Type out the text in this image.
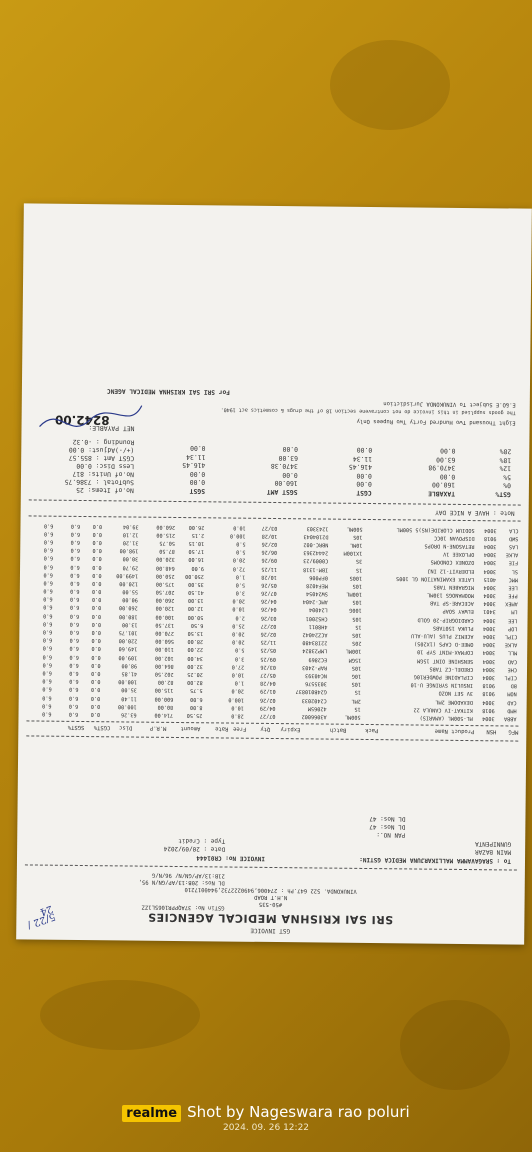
GST INVOICE
SRI SAI KRISHNA MEDICAL AGENCIES
#50-535
N.H.T ROAD
VINUKONDA. 522 647.Ph : 274006,9490222732,9440017210
GSTin No: 37AQPPR1065L1ZZ
DL Nos: 20B:13/AP/GN/N 95,
21B:13/AP/GN/N/ 96/N/G
To : SRAGAVAMMA MALLIKARJUNA MEDICA GSTIN:
MAIN BAZAR
GUNNIPENTA
PAN NO.:
DL Nos: 47
DL Nos: 47
INVOICE No: CR01444
Date : 20/09/2024
Type : Credit
MFG
HSN
Product Name
Pack
Batch
Expiry
Qty
Free
Rate
Amount
M.R.P
Disc
CGST%
SGST%
ABBA	3004	ML-500ML (AMARIS)	500ML	A3066002	07/27	28.0		25.50	714.00	63.26	0.0	6.0	6.0
HMD	9018	KITKAT-IV CANULA 22	1S	42065M	04/29	10.0		8.00	80.00	100.00	0.0	6.0	6.0
CAD	3004	DEXADOME 2ML	2ML	C2402033	02/26	100.0		6.00	600.00	11.40	0.0	6.0	6.0
NOM	9018	3V SET NOZO	1S	G24B010837	01/29	20.0		5.75	115.00	35.00	0.0	6.0	6.0
BD	9018	INSULIN SYRINGE U-10	10S	3035576	04/28	1.0		82.00	82.00	100.00	0.0	6.0	6.0
CIPL	3004	CIPLADINE POWDER10G	10G	NC40393	05/27	10.0		20.25	202.50	41.85	0.0	6.0	6.0
CHE	3004	CREDEL-CZ TABS	10S	RAP-2403	03/26	27.0		32.00	864.00	98.00	0.0	6.0	6.0
CAD	3004	SENSHINE OINT 15GM	15GM	EC2869	09/25	3.0		34.00	102.00	109.00	0.0	6.0	6.0
MLL	3004	COFMAX-MINT SYP 10	100ML	LMP23824	05/25	5.0		22.00	110.00	149.60	0.0	6.0	6.0
ALKE	3004	OMEE-D CAPS (1X20S)	20S	22I83480	11/25	20.0		28.00	560.00	220.00	0.0	6.0	6.0
CIPL	3004	ACEMIZ PLUS (ALU-ALU	10S	ACZ24042	02/26	20.0		13.50	270.00	101.75	0.0	6.0	6.0
LOP	3004	PLUKA 150TABS	1S	4H8011	02/27	25.0		6.50	137.50	13.00	0.0	6.0	6.0
LEE	3004	CARDIOGRIP-20 GOLD	10S	CHS2001	03/26	2.0		50.00	100.00	180.00	0.0	6.0	6.0
LM	3401	ELWAY SOAP	100G	L24004	04/26	10.0		12.00	120.00	260.00	0.0	6.0	6.0
AMEX	3004	ACECARE-SP TAB	10S	AMC-2404	04/26	20.0		13.00	260.00	90.00	0.0	6.0	6.0
PFE	3004	MOOMANOGS 130ML	100ML	SW24054	07/26	3.0		41.50	207.50	55.00	0.0	6.0	6.0
LEE	3004	MIGRABEN TABS	10S	MEF4028	05/26	5.0		35.00	175.00	120.00	0.0	6.0	6.0
MMC	4015	LATEX EXAMINATION GL 100S	100S	0FP006	10/28	1.0		250.00	250.00	1499.00	0.0	6.0	6.0
SL	3004	ELDERVIT-12 INJ	1S	IBM-1318	11/25	72.0		9.00	648.00	29.70	0.0	6.0	6.0
FIE	3004	OZONEX CONDOMS	3S	C0009/23	09/26	20.0		16.00	320.00	30.00	0.0	6.0	6.0
ALKE	3004	OFLOXEE 1V	1X100M	24442363	06/26	5.0		17.50	87.50	198.00	0.0	6.0	6.0
LAS	3004	RETASONE-N DROPS	10ML	NBRC-002	02/26	5.0		10.15	50.75	31.20	0.0	6.0	6.0
SWD	9018	DISPOVAN 10CC	10S	D2104043	10/28	100.0		2.15	215.00	12.10	0.0	6.0	6.0
CLA	3004	SODIUM CLORIDE(NS)5 500ML	500ML	1243303	03/27	10.0		26.00	260.00	39.04	0.0	6.0	6.0
Note : HAVE A NICE DAY
GST%	TAXABLE	CGST	SGST AMT	SGST
0%	160.00	0.00	160.00	0.00
5%	0.00	0.00	0.00	0.00
12%	3470.98	416.45	3470.38	416.45
18%	63.00	11.34	63.00	11.34
28%	0.00	0.00	0.00	0.00
No.of Items: 25
SubTotal : 7386.75
No.of Units: 817
Less Disc: 0.00
CGST Amt : 855.57
(+/-)Adjust: 0.00
Rounding : -0.32
NET PAYABLE:
8242.00	Eight Thousand Two Hundred Forty Two Rupees Only
The goods supplied in this invoice do not contravene section 18 of the drugs & cosmetics act 1940.
E.&O.E Subject To VINUKONDA Jurisdiction
For SRI SAI KRISHNA MEDICAL AGENC
5/22 / 24
realme Shot by Nageswara rao poluri
2024. 09. 26 12:22
